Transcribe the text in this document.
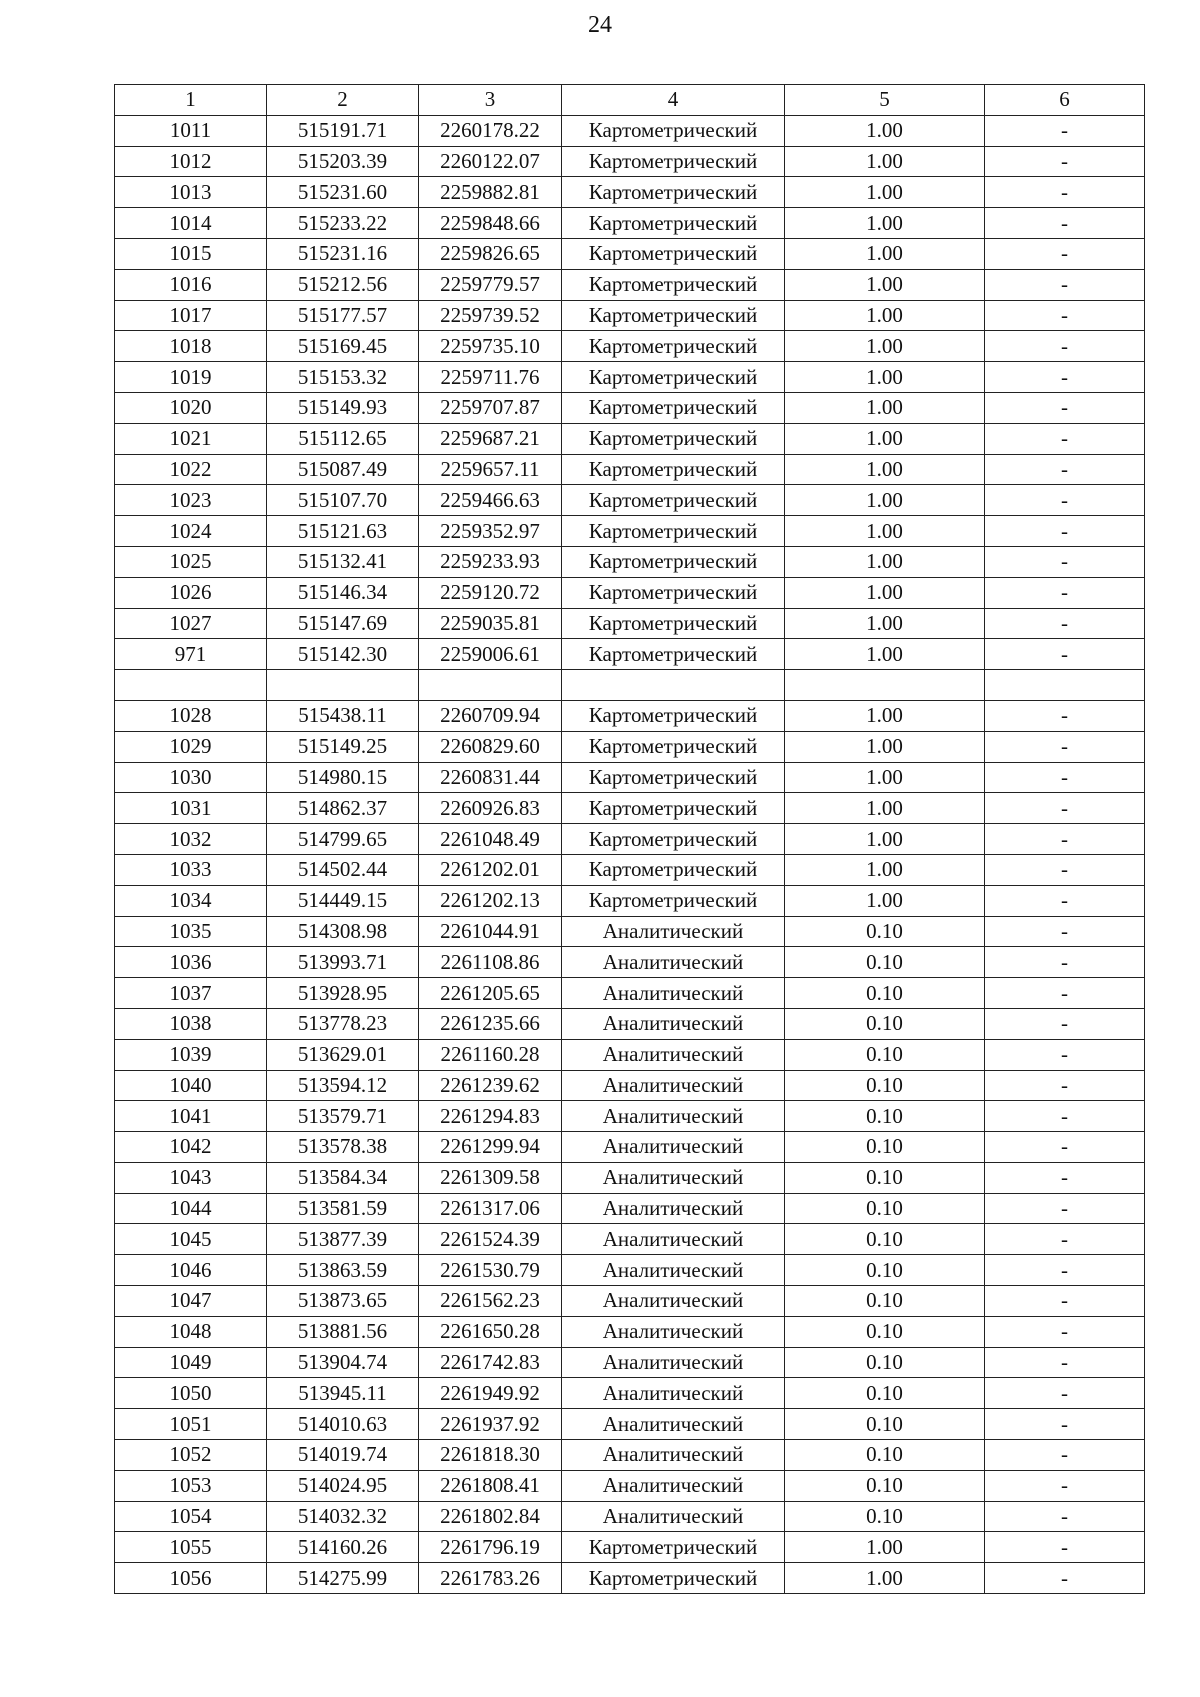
24
1	2	3	4	5	6
1011	515191.71	2260178.22	Картометрический	1.00	-
1012	515203.39	2260122.07	Картометрический	1.00	-
1013	515231.60	2259882.81	Картометрический	1.00	-
1014	515233.22	2259848.66	Картометрический	1.00	-
1015	515231.16	2259826.65	Картометрический	1.00	-
1016	515212.56	2259779.57	Картометрический	1.00	-
1017	515177.57	2259739.52	Картометрический	1.00	-
1018	515169.45	2259735.10	Картометрический	1.00	-
1019	515153.32	2259711.76	Картометрический	1.00	-
1020	515149.93	2259707.87	Картометрический	1.00	-
1021	515112.65	2259687.21	Картометрический	1.00	-
1022	515087.49	2259657.11	Картометрический	1.00	-
1023	515107.70	2259466.63	Картометрический	1.00	-
1024	515121.63	2259352.97	Картометрический	1.00	-
1025	515132.41	2259233.93	Картометрический	1.00	-
1026	515146.34	2259120.72	Картометрический	1.00	-
1027	515147.69	2259035.81	Картометрический	1.00	-
971	515142.30	2259006.61	Картометрический	1.00	-

1028	515438.11	2260709.94	Картометрический	1.00	-
1029	515149.25	2260829.60	Картометрический	1.00	-
1030	514980.15	2260831.44	Картометрический	1.00	-
1031	514862.37	2260926.83	Картометрический	1.00	-
1032	514799.65	2261048.49	Картометрический	1.00	-
1033	514502.44	2261202.01	Картометрический	1.00	-
1034	514449.15	2261202.13	Картометрический	1.00	-
1035	514308.98	2261044.91	Аналитический	0.10	-
1036	513993.71	2261108.86	Аналитический	0.10	-
1037	513928.95	2261205.65	Аналитический	0.10	-
1038	513778.23	2261235.66	Аналитический	0.10	-
1039	513629.01	2261160.28	Аналитический	0.10	-
1040	513594.12	2261239.62	Аналитический	0.10	-
1041	513579.71	2261294.83	Аналитический	0.10	-
1042	513578.38	2261299.94	Аналитический	0.10	-
1043	513584.34	2261309.58	Аналитический	0.10	-
1044	513581.59	2261317.06	Аналитический	0.10	-
1045	513877.39	2261524.39	Аналитический	0.10	-
1046	513863.59	2261530.79	Аналитический	0.10	-
1047	513873.65	2261562.23	Аналитический	0.10	-
1048	513881.56	2261650.28	Аналитический	0.10	-
1049	513904.74	2261742.83	Аналитический	0.10	-
1050	513945.11	2261949.92	Аналитический	0.10	-
1051	514010.63	2261937.92	Аналитический	0.10	-
1052	514019.74	2261818.30	Аналитический	0.10	-
1053	514024.95	2261808.41	Аналитический	0.10	-
1054	514032.32	2261802.84	Аналитический	0.10	-
1055	514160.26	2261796.19	Картометрический	1.00	-
1056	514275.99	2261783.26	Картометрический	1.00	-
